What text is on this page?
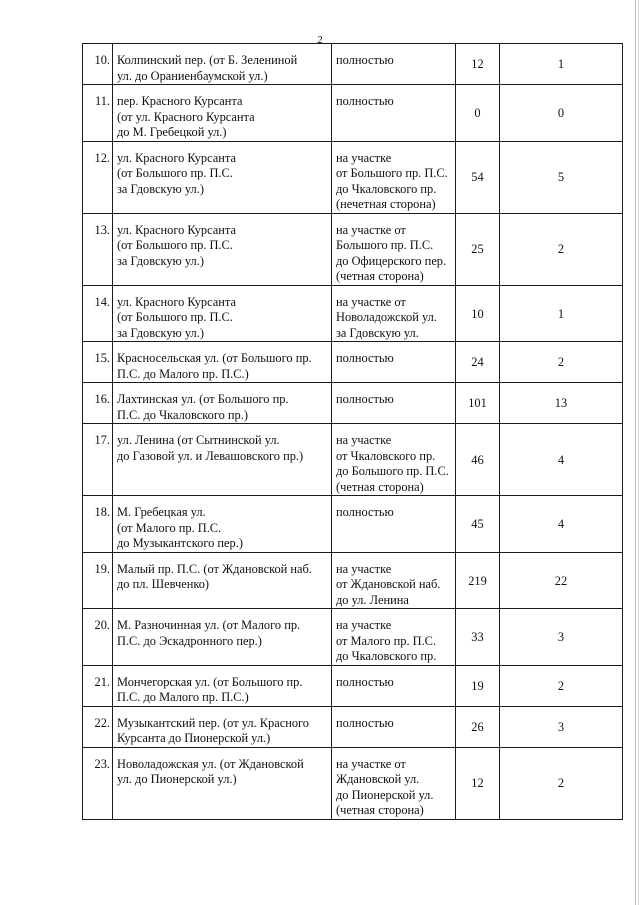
2
10.	Колпинский пер. (от Б. Зелениной
ул. до Ораниенбаумской ул.)	полностью	12	1

11.	пер. Красного Курсанта
(от ул. Красного Курсанта
до М. Гребецкой ул.)	полностью	0	0

12.	ул. Красного Курсанта
(от Большого пр. П.С.
за Гдовскую ул.)	на участке
от Большого пр. П.С.
до Чкаловского пр.
(нечетная сторона)	54	5

13.	ул. Красного Курсанта
(от Большого пр. П.С.
за Гдовскую ул.)	на участке от
Большого пр. П.С.
до Офицерского пер.
(четная сторона)	25	2

14.	ул. Красного Курсанта
(от Большого пр. П.С.
за Гдовскую ул.)	на участке от
Новоладожской ул.
за Гдовскую ул.	10	1

15.	Красносельская ул. (от Большого пр.
П.С. до Малого пр. П.С.)	полностью	24	2

16.	Лахтинская ул. (от Большого пр.
П.С. до Чкаловского пр.)	полностью	101	13

17.	ул. Ленина (от Сытнинской ул.
до Газовой ул. и Левашовского пр.)	на участке
от Чкаловского пр.
до Большого пр. П.С.
(четная сторона)	46	4

18.	М. Гребецкая ул.
(от Малого пр. П.С.
до Музыкантского пер.)	полностью	45	4

19.	Малый пр. П.С. (от Ждановской наб.
до пл. Шевченко)	на участке
от Ждановской наб.
до ул. Ленина	219	22

20.	М. Разночинная ул. (от Малого пр.
П.С. до Эскадронного пер.)	на участке
от Малого пр. П.С.
до Чкаловского пр.	33	3

21.	Мончегорская ул. (от Большого пр.
П.С. до Малого пр. П.С.)	полностью	19	2

22.	Музыкантский пер. (от ул. Красного
Курсанта до Пионерской ул.)	полностью	26	3

23.	Новоладожская ул. (от Ждановской
ул. до Пионерской ул.)	на участке от
Ждановской ул.
до Пионерской ул.
(четная сторона)	12	2
